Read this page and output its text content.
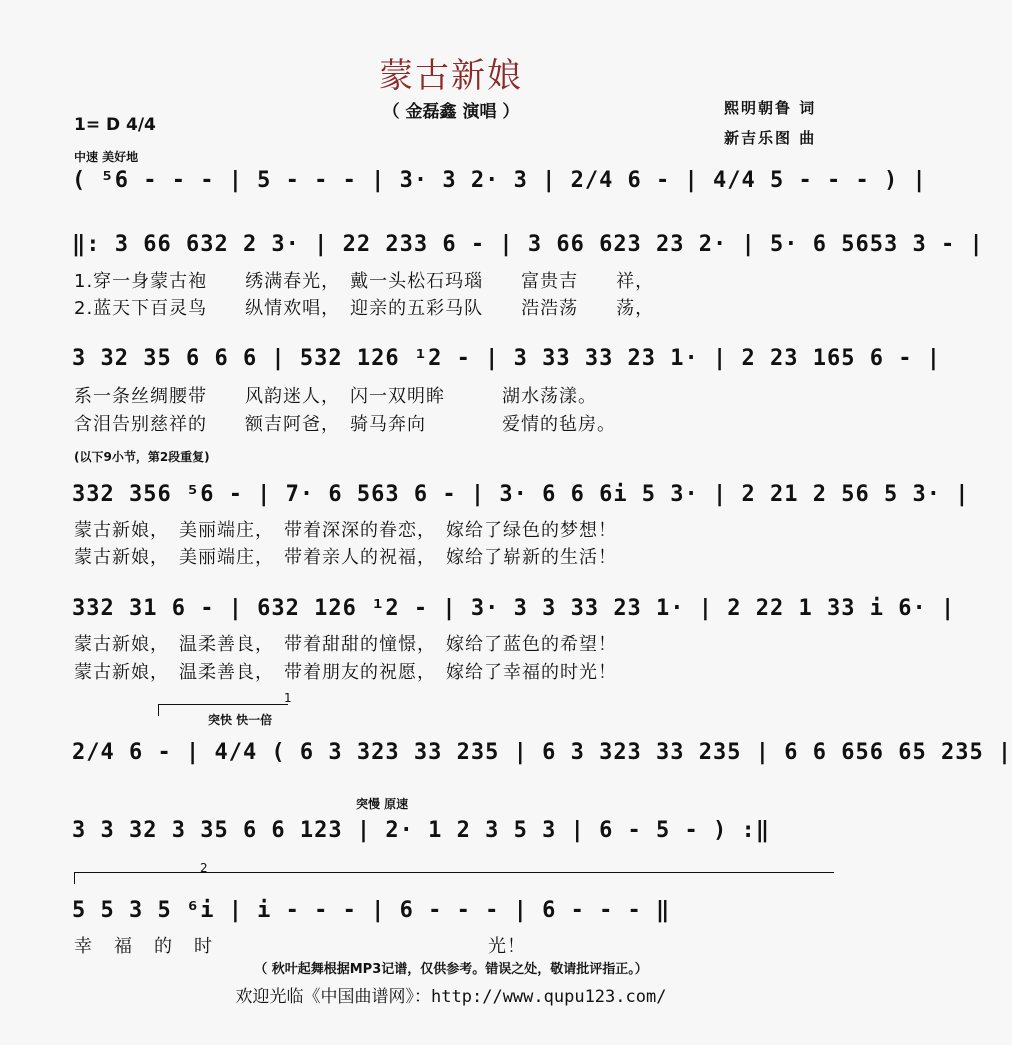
蒙古新娘
（ 金磊鑫 演唱 ）	熙明朝鲁 词
新吉乐图 曲
1= D 4/4
中速 美好地
( ⁵6 - - - | 5 - - - | 3· 3 2· 3 | 2/4 6 - | 4/4 5 - - - ) |
‖: 3 66 632 2 3· | 22 233 6 - | 3 66 623 23 2· | 5· 6 5653 3 - |
1.穿一身蒙古袍　　绣满春光，　戴一头松石玛瑙　　富贵吉　　祥，
2.蓝天下百灵鸟　　纵情欢唱，　迎亲的五彩马队　　浩浩荡　　荡，
3 32 35 6 6 6 | 532 126 ¹2 - | 3 33 33 23 1· | 2 23 165 6 - |
系一条丝绸腰带　　风韵迷人，　闪一双明眸　　　湖水荡漾。
含泪告别慈祥的　　额吉阿爸，　骑马奔向　　　　爱情的毡房。
(以下9小节，第2段重复)
332 356 ⁵6 - | 7· 6 563 6 - | 3· 6 6 6i 5 3· | 2 21 2 56 5 3· |
蒙古新娘，　美丽端庄，　带着深深的眷恋，　嫁给了绿色的梦想！
蒙古新娘，　美丽端庄，　带着亲人的祝福，　嫁给了崭新的生活！
332 31 6 - | 632 126 ¹2 - | 3· 3 3 33 23 1· | 2 22 1 33 i 6· |
蒙古新娘，　温柔善良，　带着甜甜的憧憬，　嫁给了蓝色的希望！
蒙古新娘，　温柔善良，　带着朋友的祝愿，　嫁给了幸福的时光！
1
突快 快一倍
2/4 6 - | 4/4 ( 6 3 323 33 235 | 6 3 323 33 235 | 6 6 656 65 235 |
突慢 原速
3 3 32 3 35 6 6 123 | 2· 1 2 3 5 3 | 6 - 5 - ) :‖
2
5 5 3 5 ⁶i | i - - - | 6 - - - | 6 - - - ‖
幸福的时	光！
（ 秋叶起舞根据MP3记谱，仅供参考。错误之处，敬请批评指正。）
欢迎光临《中国曲谱网》：http://www.qupu123.com/
